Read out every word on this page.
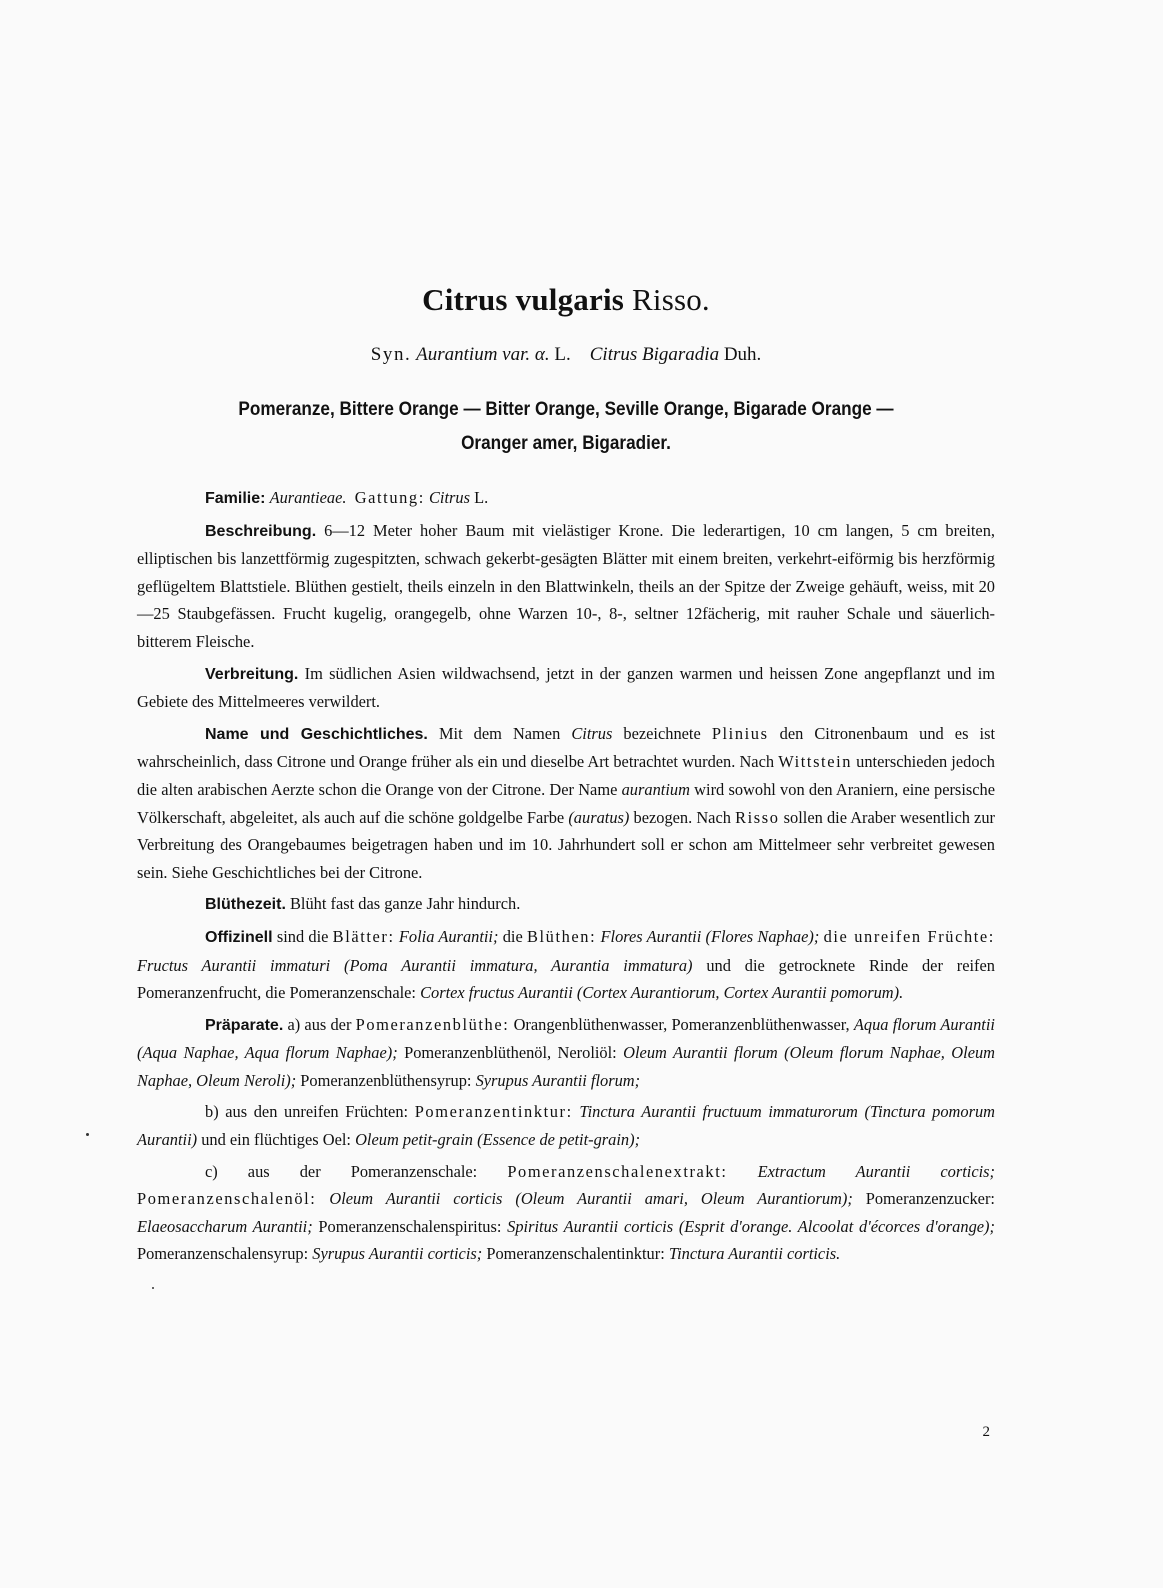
Citrus vulgaris Risso.
Syn. Aurantium var. α. L. Citrus Bigaradia Duh.
Pomeranze, Bittere Orange — Bitter Orange, Seville Orange, Bigarade Orange —
Oranger amer, Bigaradier.

Familie: Aurantieae. Gattung: Citrus L.

Beschreibung. 6—12 Meter hoher Baum mit vielästiger Krone. Die lederartigen, 10 cm langen, 5 cm breiten, elliptischen bis lanzettförmig zugespitzten, schwach gekerbt-gesägten Blätter mit einem breiten, verkehrt-eiförmig bis herzförmig geflügeltem Blattstiele. Blüthen gestielt, theils einzeln in den Blattwinkeln, theils an der Spitze der Zweige gehäuft, weiss, mit 20—25 Staubgefässen. Frucht kugelig, orangegelb, ohne Warzen 10-, 8-, seltner 12fächerig, mit rauher Schale und säuerlich-bitterem Fleische.

Verbreitung. Im südlichen Asien wildwachsend, jetzt in der ganzen warmen und heissen Zone angepflanzt und im Gebiete des Mittelmeeres verwildert.

Name und Geschichtliches. Mit dem Namen Citrus bezeichnete Plinius den Citronenbaum und es ist wahrscheinlich, dass Citrone und Orange früher als ein und dieselbe Art betrachtet wurden. Nach Wittstein unterschieden jedoch die alten arabischen Aerzte schon die Orange von der Citrone. Der Name aurantium wird sowohl von den Araniern, eine persische Völkerschaft, abgeleitet, als auch auf die schöne goldgelbe Farbe (auratus) bezogen. Nach Risso sollen die Araber wesentlich zur Verbreitung des Orangebaumes beigetragen haben und im 10. Jahrhundert soll er schon am Mittelmeer sehr verbreitet gewesen sein. Siehe Geschichtliches bei der Citrone.

Blüthezeit. Blüht fast das ganze Jahr hindurch.

Offizinell sind die Blätter: Folia Aurantii; die Blüthen: Flores Aurantii (Flores Naphae); die unreifen Früchte: Fructus Aurantii immaturi (Poma Aurantii immatura, Aurantia immatura) und die getrocknete Rinde der reifen Pomeranzenfrucht, die Pomeranzenschale: Cortex fructus Aurantii (Cortex Aurantiorum, Cortex Aurantii pomorum).

Präparate. a) aus der Pomeranzenblüthe: Orangenblüthenwasser, Pomeranzenblüthenwasser, Aqua florum Aurantii (Aqua Naphae, Aqua florum Naphae); Pomeranzenblüthenöl, Neroliöl: Oleum Aurantii florum (Oleum florum Naphae, Oleum Naphae, Oleum Neroli); Pomeranzenblüthensyrup: Syrupus Aurantii florum;

b) aus den unreifen Früchten: Pomeranzentinktur: Tinctura Aurantii fructuum immaturorum (Tinctura pomorum Aurantii) und ein flüchtiges Oel: Oleum petit-grain (Essence de petit-grain);

c) aus der Pomeranzenschale: Pomeranzenschalenextrakt: Extractum Aurantii corticis; Pomeranzenschalenöl: Oleum Aurantii corticis (Oleum Aurantii amari, Oleum Aurantiorum); Pomeranzenzucker: Elaeosaccharum Aurantii; Pomeranzenschalenspiritus: Spiritus Aurantii corticis (Esprit d'orange. Alcoolat d'écorces d'orange); Pomeranzenschalensyrup: Syrupus Aurantii corticis; Pomeranzenschalentinktur: Tinctura Aurantii corticis.

2
